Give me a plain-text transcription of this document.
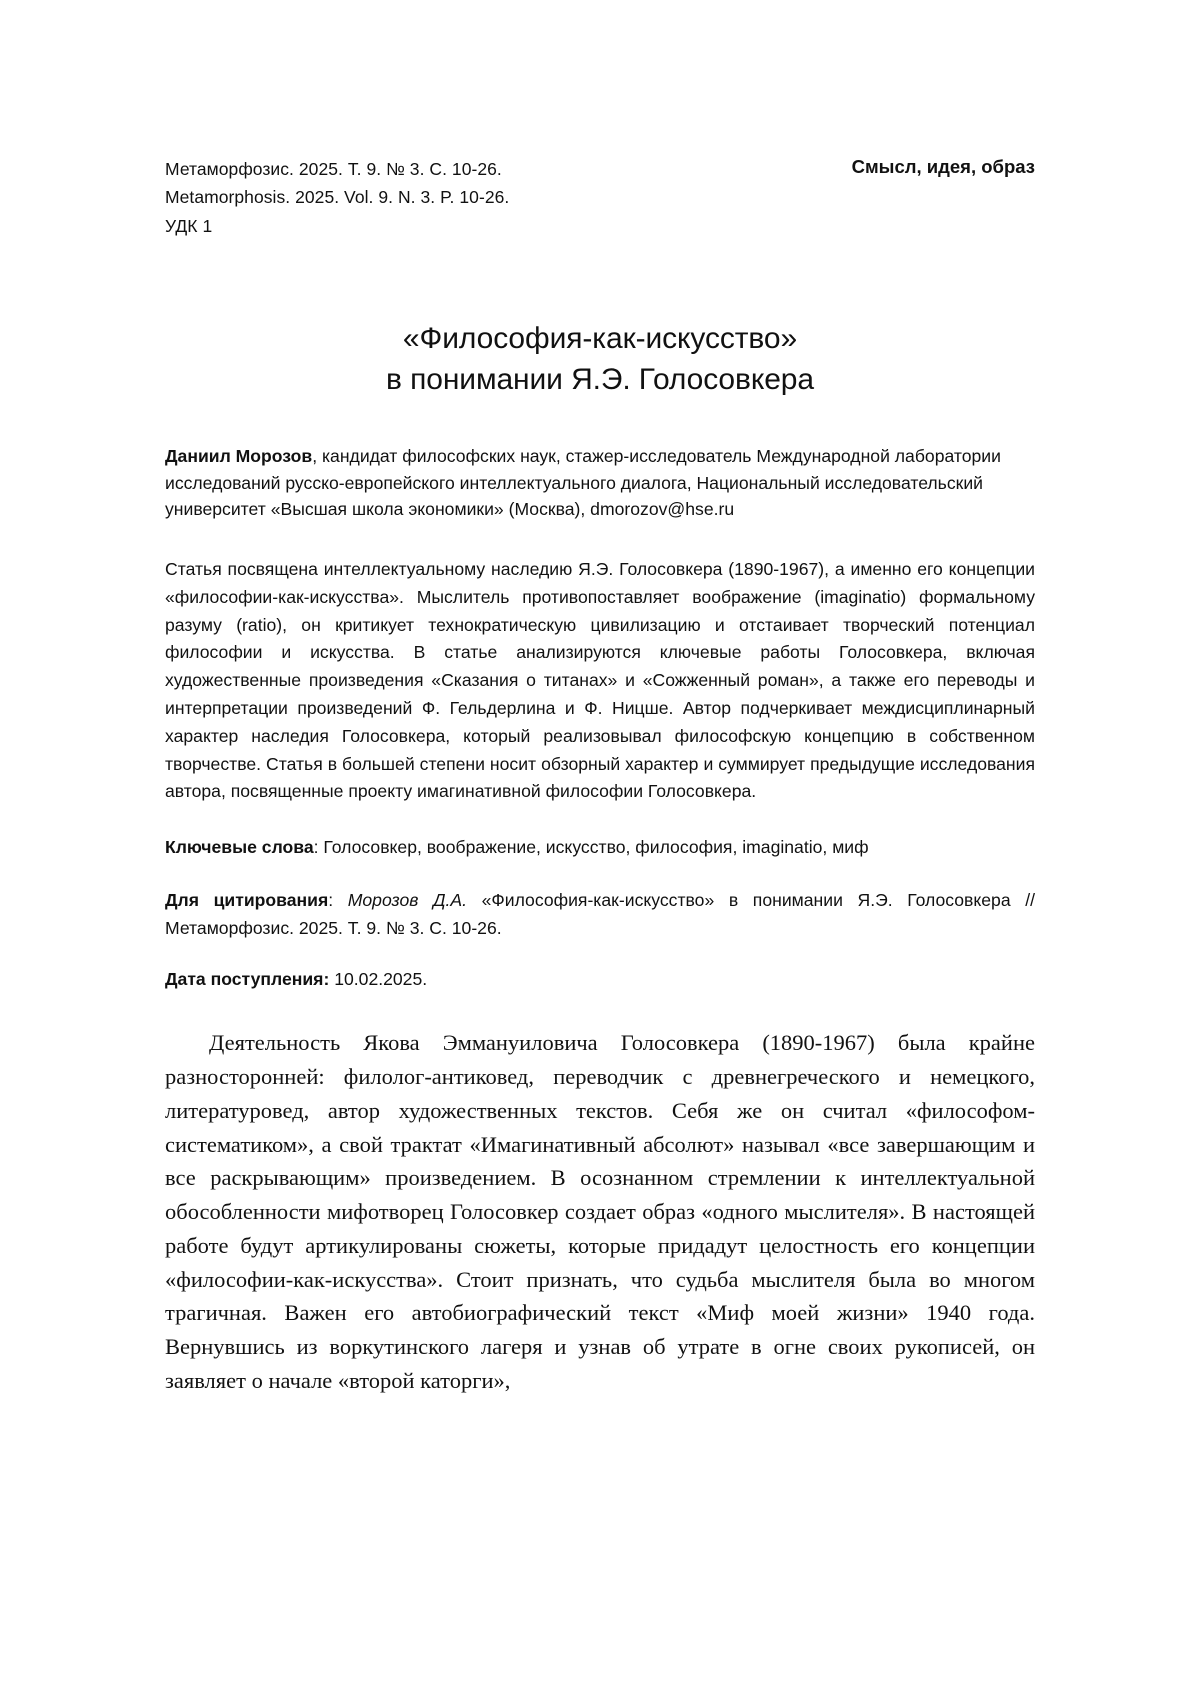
Метаморфозис. 2025. Т. 9. № 3. С. 10-26.
Metamorphosis. 2025. Vol. 9. N. 3. P. 10-26.
УДК 1
Смысл, идея, образ
«Философия-как-искусство»
в понимании Я.Э. Голосовкера
Даниил Морозов, кандидат философских наук, стажер-исследователь Международной лаборатории исследований русско-европейского интеллектуального диалога, Национальный исследовательский университет «Высшая школа экономики» (Москва), dmorozov@hse.ru
Статья посвящена интеллектуальному наследию Я.Э. Голосовкера (1890-1967), а именно его концепции «философии-как-искусства». Мыслитель противопоставляет воображение (imaginatio) формальному разуму (ratio), он критикует технократическую цивилизацию и отстаивает творческий потенциал философии и искусства. В статье анализируются ключевые работы Голосовкера, включая художественные произведения «Сказания о титанах» и «Сожженный роман», а также его переводы и интерпретации произведений Ф. Гельдерлина и Ф. Ницше. Автор подчеркивает междисциплинарный характер наследия Голосовкера, который реализовывал философскую концепцию в собственном творчестве. Статья в большей степени носит обзорный характер и суммирует предыдущие исследования автора, посвященные проекту имагинативной философии Голосовкера.
Ключевые слова: Голосовкер, воображение, искусство, философия, imaginatio, миф
Для цитирования: Морозов Д.А. «Философия-как-искусство» в понимании Я.Э. Голосовкера // Метаморфозис. 2025. Т. 9. № 3. С. 10-26.
Дата поступления: 10.02.2025.

Деятельность Якова Эммануиловича Голосовкера (1890-1967) была крайне разносторонней: филолог-антиковед, переводчик с древнегреческого и немецкого, литературовед, автор художественных текстов. Себя же он считал «философом-систематиком», а свой трактат «Имагинативный абсолют» называл «все завершающим и все раскрывающим» произведением. В осознанном стремлении к интеллектуальной обособленности мифотворец Голосовкер создает образ «одного мыслителя». В настоящей работе будут артикулированы сюжеты, которые придадут целостность его концепции «философии-как-искусства». Стоит признать, что судьба мыслителя была во многом трагичная. Важен его автобиографический текст «Миф моей жизни» 1940 года. Вернувшись из воркутинского лагеря и узнав об утрате в огне своих рукописей, он заявляет о начале «второй каторги»,
